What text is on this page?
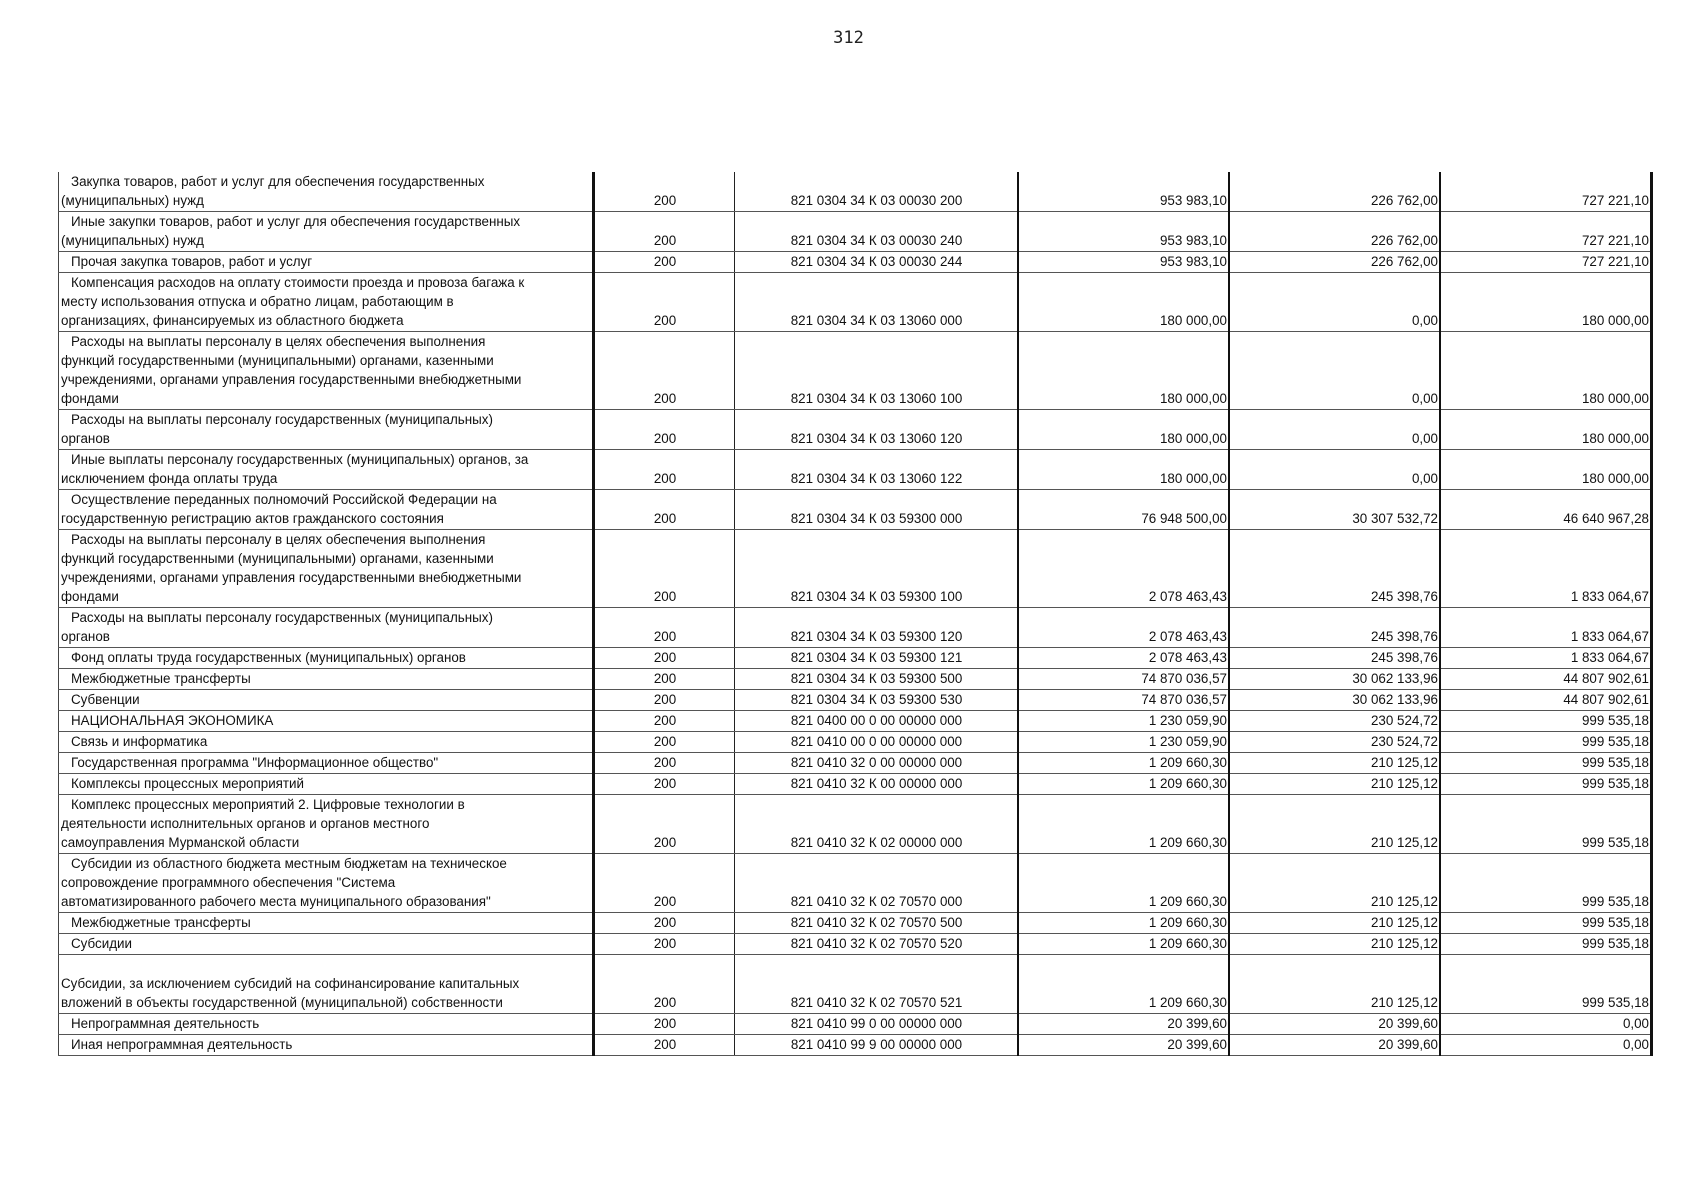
312
Закупка товаров, работ и услуг для обеспечения государственных
(муниципальных) нужд	200	821 0304 34 К 03 00030 200	953 983,10	226 762,00	727 221,10

Иные закупки товаров, работ и услуг для обеспечения государственных
(муниципальных) нужд	200	821 0304 34 К 03 00030 240	953 983,10	226 762,00	727 221,10

Прочая закупка товаров, работ и услуг	200	821 0304 34 К 03 00030 244	953 983,10	226 762,00	727 221,10

Компенсация расходов на оплату стоимости проезда и провоза багажа к
месту использования отпуска и обратно лицам, работающим в
организациях, финансируемых из областного бюджета	200	821 0304 34 К 03 13060 000	180 000,00	0,00	180 000,00

Расходы на выплаты персоналу в целях обеспечения выполнения
функций государственными (муниципальными) органами, казенными
учреждениями, органами управления государственными внебюджетными
фондами	200	821 0304 34 К 03 13060 100	180 000,00	0,00	180 000,00

Расходы на выплаты персоналу государственных (муниципальных)
органов	200	821 0304 34 К 03 13060 120	180 000,00	0,00	180 000,00

Иные выплаты персоналу государственных (муниципальных) органов, за
исключением фонда оплаты труда	200	821 0304 34 К 03 13060 122	180 000,00	0,00	180 000,00

Осуществление переданных полномочий Российской Федерации на
государственную регистрацию актов гражданского состояния	200	821 0304 34 К 03 59300 000	76 948 500,00	30 307 532,72	46 640 967,28

Расходы на выплаты персоналу в целях обеспечения выполнения
функций государственными (муниципальными) органами, казенными
учреждениями, органами управления государственными внебюджетными
фондами	200	821 0304 34 К 03 59300 100	2 078 463,43	245 398,76	1 833 064,67

Расходы на выплаты персоналу государственных (муниципальных)
органов	200	821 0304 34 К 03 59300 120	2 078 463,43	245 398,76	1 833 064,67

Фонд оплаты труда государственных (муниципальных) органов	200	821 0304 34 К 03 59300 121	2 078 463,43	245 398,76	1 833 064,67

Межбюджетные трансферты	200	821 0304 34 К 03 59300 500	74 870 036,57	30 062 133,96	44 807 902,61

Субвенции	200	821 0304 34 К 03 59300 530	74 870 036,57	30 062 133,96	44 807 902,61

НАЦИОНАЛЬНАЯ ЭКОНОМИКА	200	821 0400 00 0 00 00000 000	1 230 059,90	230 524,72	999 535,18

Связь и информатика	200	821 0410 00 0 00 00000 000	1 230 059,90	230 524,72	999 535,18

Государственная программа "Информационное общество"	200	821 0410 32 0 00 00000 000	1 209 660,30	210 125,12	999 535,18

Комплексы процессных мероприятий	200	821 0410 32 К 00 00000 000	1 209 660,30	210 125,12	999 535,18

Комплекс процессных мероприятий 2. Цифровые технологии в
деятельности исполнительных органов и органов местного
самоуправления Мурманской области	200	821 0410 32 К 02 00000 000	1 209 660,30	210 125,12	999 535,18

Субсидии из областного бюджета местным бюджетам на техническое
сопровождение программного обеспечения "Система
автоматизированного рабочего места муниципального образования"	200	821 0410 32 К 02 70570 000	1 209 660,30	210 125,12	999 535,18

Межбюджетные трансферты	200	821 0410 32 К 02 70570 500	1 209 660,30	210 125,12	999 535,18

Субсидии	200	821 0410 32 К 02 70570 520	1 209 660,30	210 125,12	999 535,18

Субсидии, за исключением субсидий на софинансирование капитальных
вложений в объекты государственной (муниципальной) собственности	200	821 0410 32 К 02 70570 521	1 209 660,30	210 125,12	999 535,18

Непрограммная деятельность	200	821 0410 99 0 00 00000 000	20 399,60	20 399,60	0,00

Иная непрограммная деятельность	200	821 0410 99 9 00 00000 000	20 399,60	20 399,60	0,00
